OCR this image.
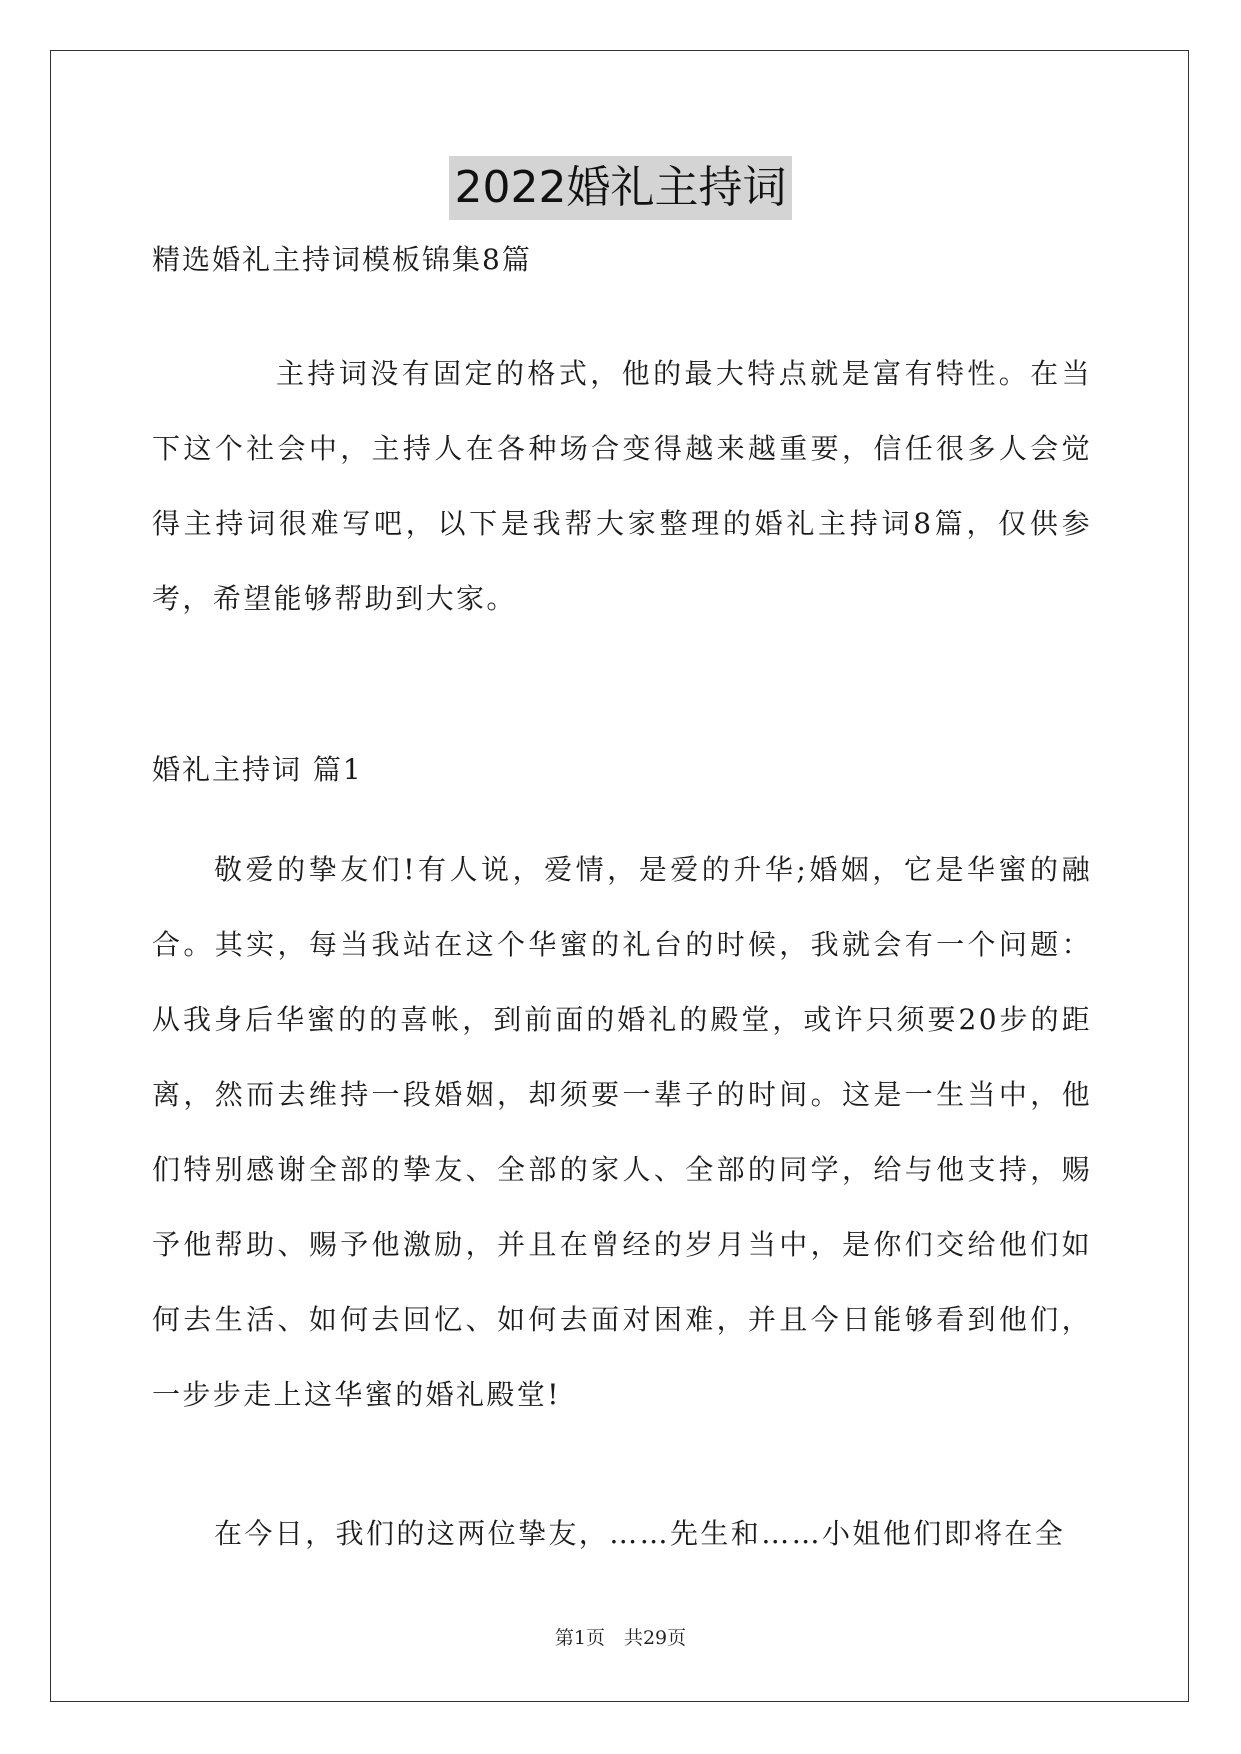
2022婚礼主持词

精选婚礼主持词模板锦集8篇

主持词没有固定的格式，他的最大特点就是富有特性。在当下这个社会中，主持人在各种场合变得越来越重要，信任很多人会觉得主持词很难写吧，以下是我帮大家整理的婚礼主持词8篇，仅供参考，希望能够帮助到大家。

婚礼主持词 篇1

敬爱的挚友们!有人说，爱情，是爱的升华;婚姻，它是华蜜的融合。其实，每当我站在这个华蜜的礼台的时候，我就会有一个问题：从我身后华蜜的的喜帐，到前面的婚礼的殿堂，或许只须要20步的距离，然而去维持一段婚姻，却须要一辈子的时间。这是一生当中，他们特别感谢全部的挚友、全部的家人、全部的同学，给与他支持，赐予他帮助、赐予他激励，并且在曾经的岁月当中，是你们交给他们如何去生活、如何去回忆、如何去面对困难，并且今日能够看到他们，一步步走上这华蜜的婚礼殿堂!

在今日，我们的这两位挚友，……先生和……小姐他们即将在全

第1页　共29页
